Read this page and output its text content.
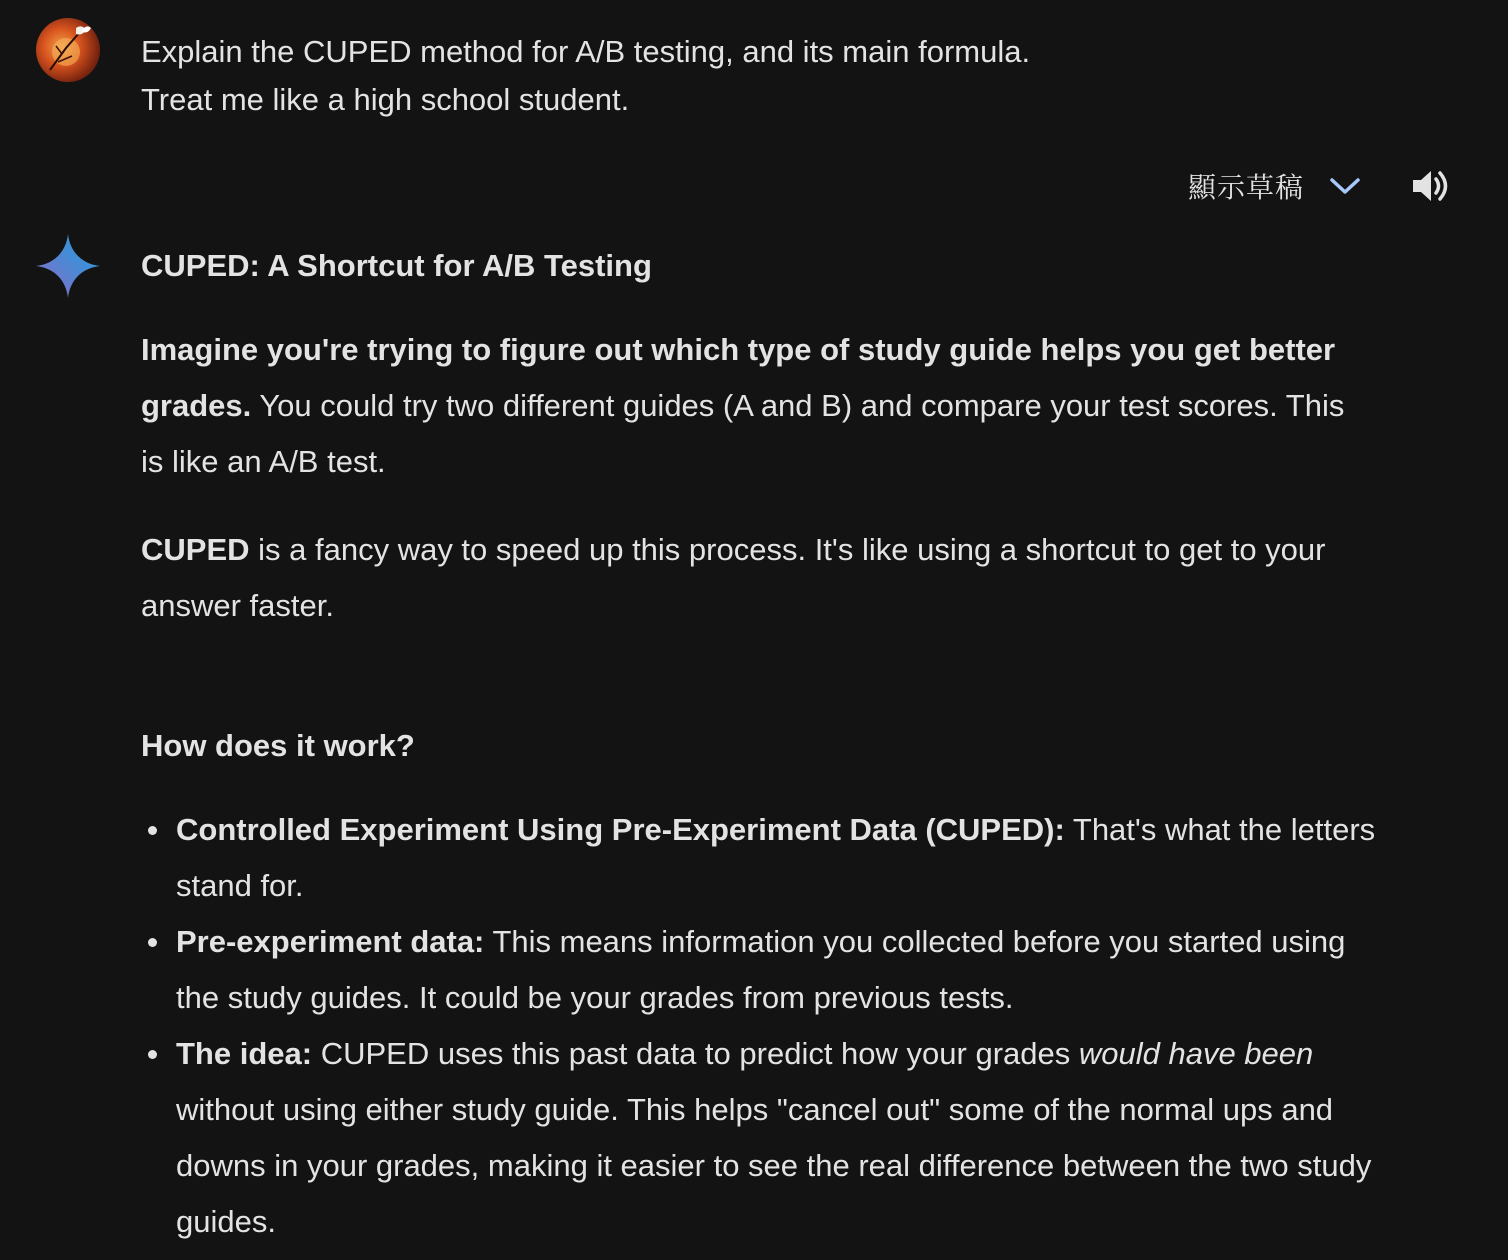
Explain the CUPED method for A/B testing, and its main formula.
Treat me like a high school student.
顯示草稿
CUPED: A Shortcut for A/B Testing

Imagine you're trying to figure out which type of study guide helps you get better grades. You could try two different guides (A and B) and compare your test scores. This is like an A/B test.

CUPED is a fancy way to speed up this process. It's like using a shortcut to get to your answer faster.

How does it work?
Controlled Experiment Using Pre-Experiment Data (CUPED): That's what the letters stand for.
Pre-experiment data: This means information you collected before you started using the study guides. It could be your grades from previous tests.
The idea: CUPED uses this past data to predict how your grades would have been without using either study guide. This helps "cancel out" some of the normal ups and downs in your grades, making it easier to see the real difference between the two study guides.
